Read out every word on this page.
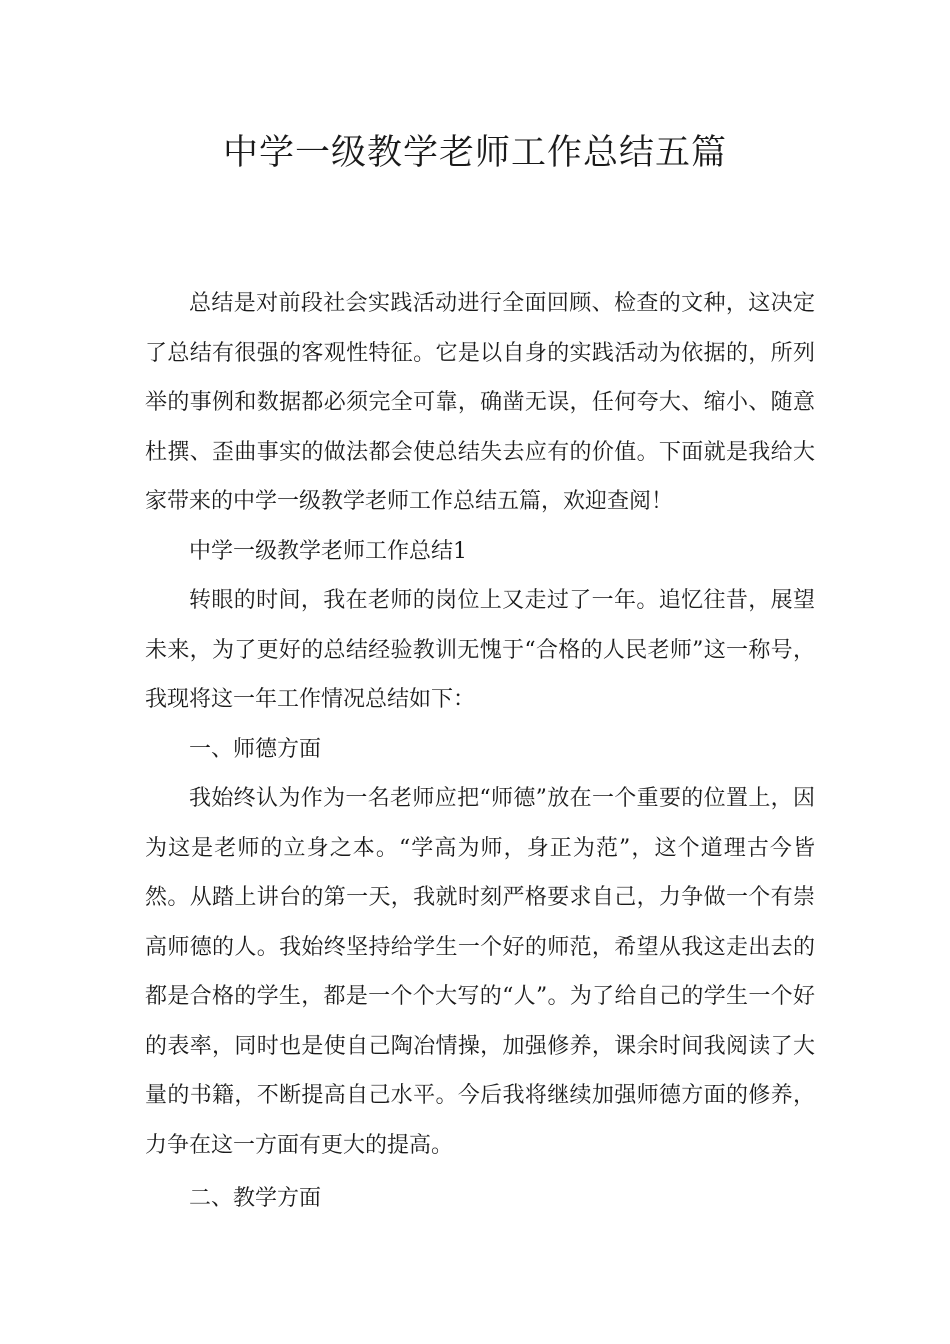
中学一级教学老师工作总结五篇

总结是对前段社会实践活动进行全面回顾、检查的文种，这决定了总结有很强的客观性特征。它是以自身的实践活动为依据的，所列举的事例和数据都必须完全可靠，确凿无误，任何夸大、缩小、随意杜撰、歪曲事实的做法都会使总结失去应有的价值。下面就是我给大家带来的中学一级教学老师工作总结五篇，欢迎查阅！

中学一级教学老师工作总结1

转眼的时间，我在老师的岗位上又走过了一年。追忆往昔，展望未来，为了更好的总结经验教训无愧于“合格的人民老师”这一称号，我现将这一年工作情况总结如下：

一、师德方面

我始终认为作为一名老师应把“师德”放在一个重要的位置上，因为这是老师的立身之本。“学高为师，身正为范”，这个道理古今皆然。从踏上讲台的第一天，我就时刻严格要求自己，力争做一个有崇高师德的人。我始终坚持给学生一个好的师范，希望从我这走出去的都是合格的学生，都是一个个大写的“人”。为了给自己的学生一个好的表率，同时也是使自己陶冶情操，加强修养，课余时间我阅读了大量的书籍，不断提高自己水平。今后我将继续加强师德方面的修养，力争在这一方面有更大的提高。

二、教学方面
